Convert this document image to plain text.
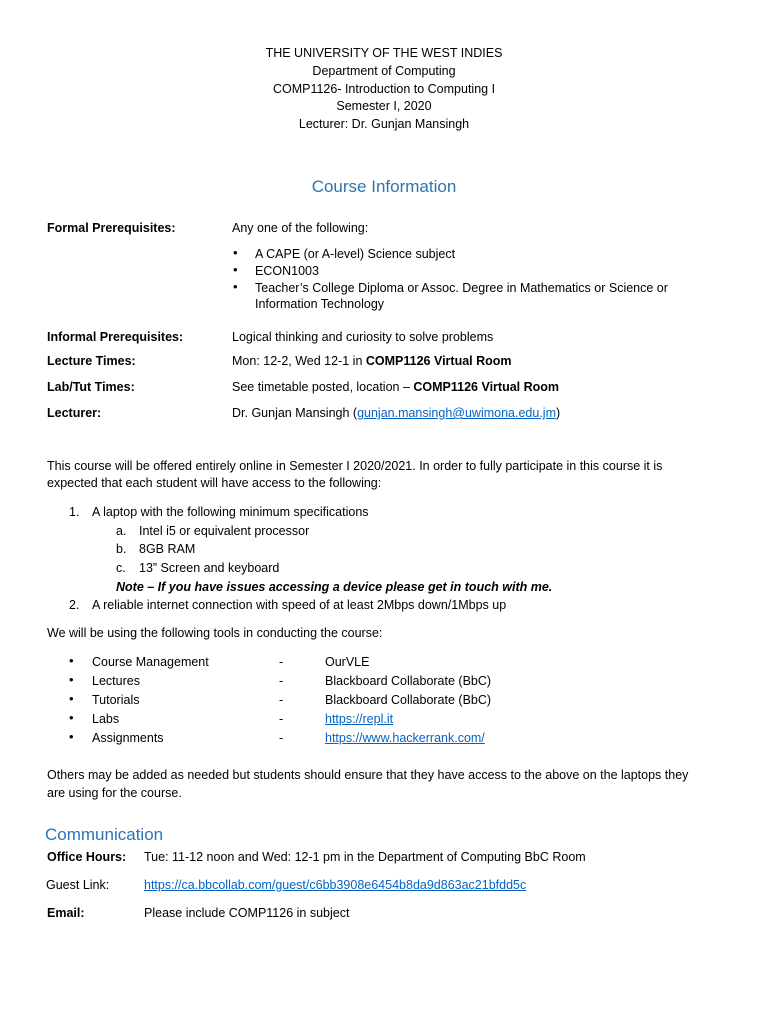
THE UNIVERSITY OF THE WEST INDIES
Department of Computing
COMP1126- Introduction to Computing I
Semester I, 2020
Lecturer: Dr. Gunjan Mansingh
Course Information
Formal Prerequisites:	Any one of the following:
• A CAPE (or A-level) Science subject
• ECON1003
• Teacher’s College Diploma or Assoc. Degree in Mathematics or Science or
Information Technology
Informal Prerequisites:	Logical thinking and curiosity to solve problems
Lecture Times:	Mon: 12-2, Wed 12-1 in COMP1126 Virtual Room
Lab/Tut Times:	See timetable posted, location – COMP1126 Virtual Room
Lecturer:	Dr. Gunjan Mansingh (gunjan.mansingh@uwimona.edu.jm)
This course will be offered entirely online in Semester I 2020/2021. In order to fully participate in this course it is
expected that each student will have access to the following:
1. A laptop with the following minimum specifications
a. Intel i5 or equivalent processor
b. 8GB RAM
c. 13” Screen and keyboard
Note – If you have issues accessing a device please get in touch with me.
2. A reliable internet connection with speed of at least 2Mbps down/1Mbps up
We will be using the following tools in conducting the course:
• Course Management	-	OurVLE
• Lectures	-	Blackboard Collaborate (BbC)
• Tutorials	-	Blackboard Collaborate (BbC)
• Labs	-	https://repl.it
• Assignments	-	https://www.hackerrank.com/
Others may be added as needed but students should ensure that they have access to the above on the laptops they
are using for the course.
Communication
Office Hours: Tue: 11-12 noon and Wed: 12-1 pm in the Department of Computing BbC Room
Guest Link:	https://ca.bbcollab.com/guest/c6bb3908e6454b8da9d863ac21bfdd5c
Email:	Please include COMP1126 in subject
